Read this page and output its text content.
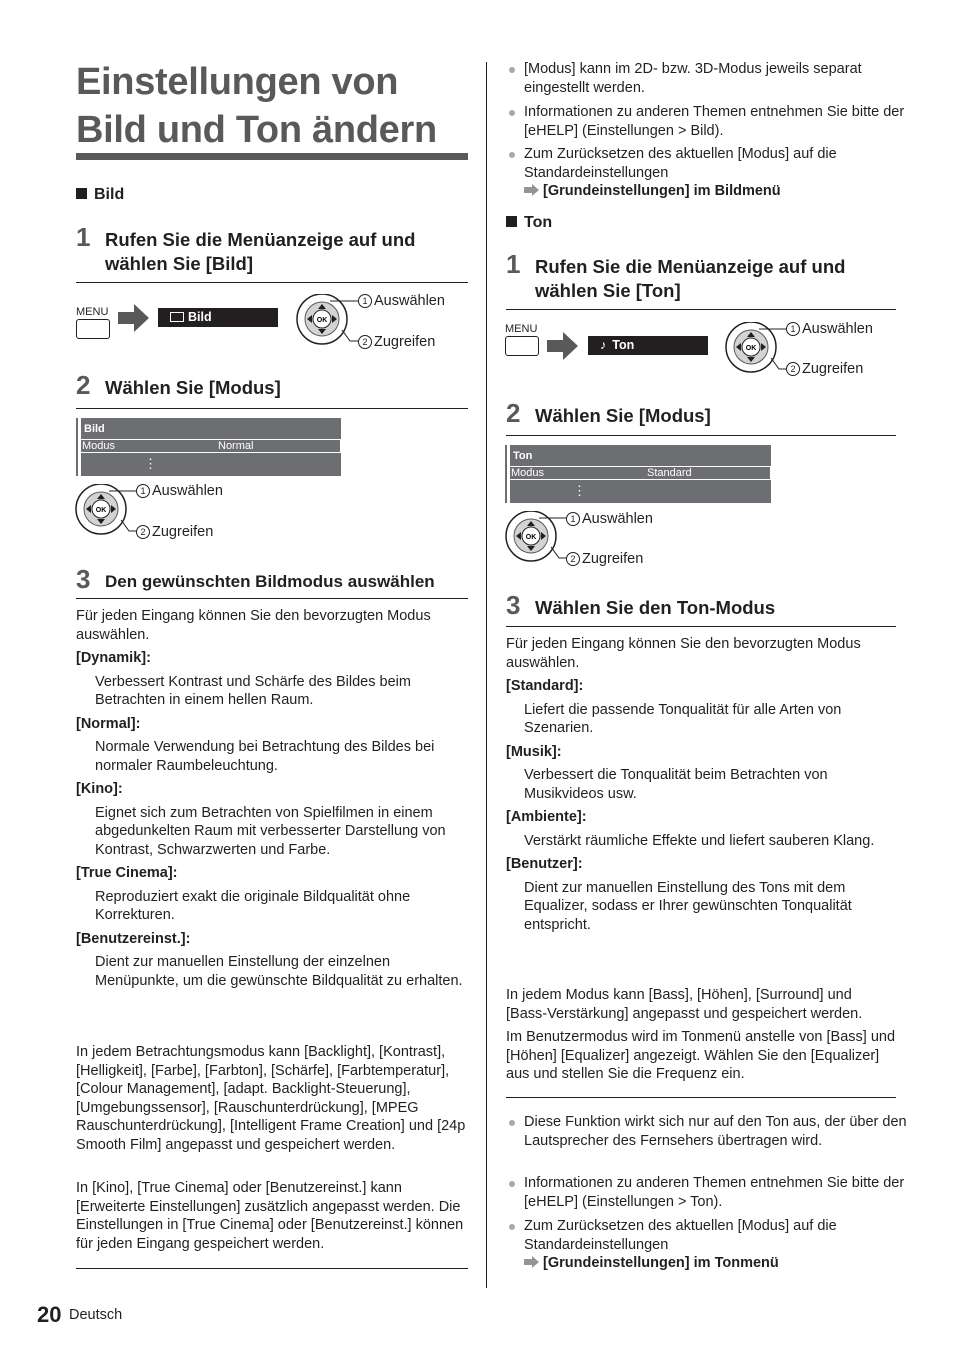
Einstellungen von Bild und Ton ändern
Bild
1 Rufen Sie die Menüanzeige auf und wählen Sie [Bild]
MENU	Bild	OK
1 Auswählen
2 Zugreifen
2 Wählen Sie [Modus]
Bild
Modus	Normal
⋮
OK
1 Auswählen
2 Zugreifen
3 Den gewünschten Bildmodus auswählen
Für jeden Eingang können Sie den bevorzugten Modus auswählen.
[Dynamik]:
Verbessert Kontrast und Schärfe des Bildes beim Betrachten in einem hellen Raum.
[Normal]:
Normale Verwendung bei Betrachtung des Bildes bei normaler Raumbeleuchtung.
[Kino]:
Eignet sich zum Betrachten von Spielfilmen in einem abgedunkelten Raum mit verbesserter Darstellung von Kontrast, Schwarzwerten und Farbe.
[True Cinema]:
Reproduziert exakt die originale Bildqualität ohne Korrekturen.
[Benutzereinst.]:
Dient zur manuellen Einstellung der einzelnen Menüpunkte, um die gewünschte Bildqualität zu erhalten.
In jedem Betrachtungsmodus kann [Backlight], [Kontrast], [Helligkeit], [Farbe], [Farbton], [Schärfe], [Farbtemperatur], [Colour Management], [adapt. Backlight-Steuerung], [Umgebungssensor], [Rauschunterdrückung], [MPEG Rauschunterdrückung], [Intelligent Frame Creation] und [24p Smooth Film] angepasst und gespeichert werden.
In [Kino], [True Cinema] oder [Benutzereinst.] kann [Erweiterte Einstellungen] zusätzlich angepasst werden. Die Einstellungen in [True Cinema] oder [Benutzereinst.] können für jeden Eingang gespeichert werden.
[Modus] kann im 2D- bzw. 3D-Modus jeweils separat eingestellt werden.
Informationen zu anderen Themen entnehmen Sie bitte der [eHELP] (Einstellungen > Bild).
Zum Zurücksetzen des aktuellen [Modus] auf die Standardeinstellungen
[Grundeinstellungen] im Bildmenü
Ton
1 Rufen Sie die Menüanzeige auf und wählen Sie [Ton]
MENU
♪ Ton	OK
1 Auswählen
2 Zugreifen
2 Wählen Sie [Modus]
Ton
Modus	Standard
⋮
OK
1 Auswählen
2 Zugreifen
3 Wählen Sie den Ton-Modus
Für jeden Eingang können Sie den bevorzugten Modus auswählen.
[Standard]:
Liefert die passende Tonqualität für alle Arten von Szenarien.
[Musik]:
Verbessert die Tonqualität beim Betrachten von Musikvideos usw.
[Ambiente]:
Verstärkt räumliche Effekte und liefert sauberen Klang.
[Benutzer]:
Dient zur manuellen Einstellung des Tons mit dem Equalizer, sodass er Ihrer gewünschten Tonqualität entspricht.
In jedem Modus kann [Bass], [Höhen], [Surround] und [Bass-Verstärkung] angepasst und gespeichert werden.
Im Benutzermodus wird im Tonmenü anstelle von [Bass] und [Höhen] [Equalizer] angezeigt. Wählen Sie den [Equalizer] aus und stellen Sie die Frequenz ein.
Diese Funktion wirkt sich nur auf den Ton aus, der über den Lautsprecher des Fernsehers übertragen wird.
Informationen zu anderen Themen entnehmen Sie bitte der [eHELP] (Einstellungen > Ton).
Zum Zurücksetzen des aktuellen [Modus] auf die Standardeinstellungen
[Grundeinstellungen] im Tonmenü
20 Deutsch
